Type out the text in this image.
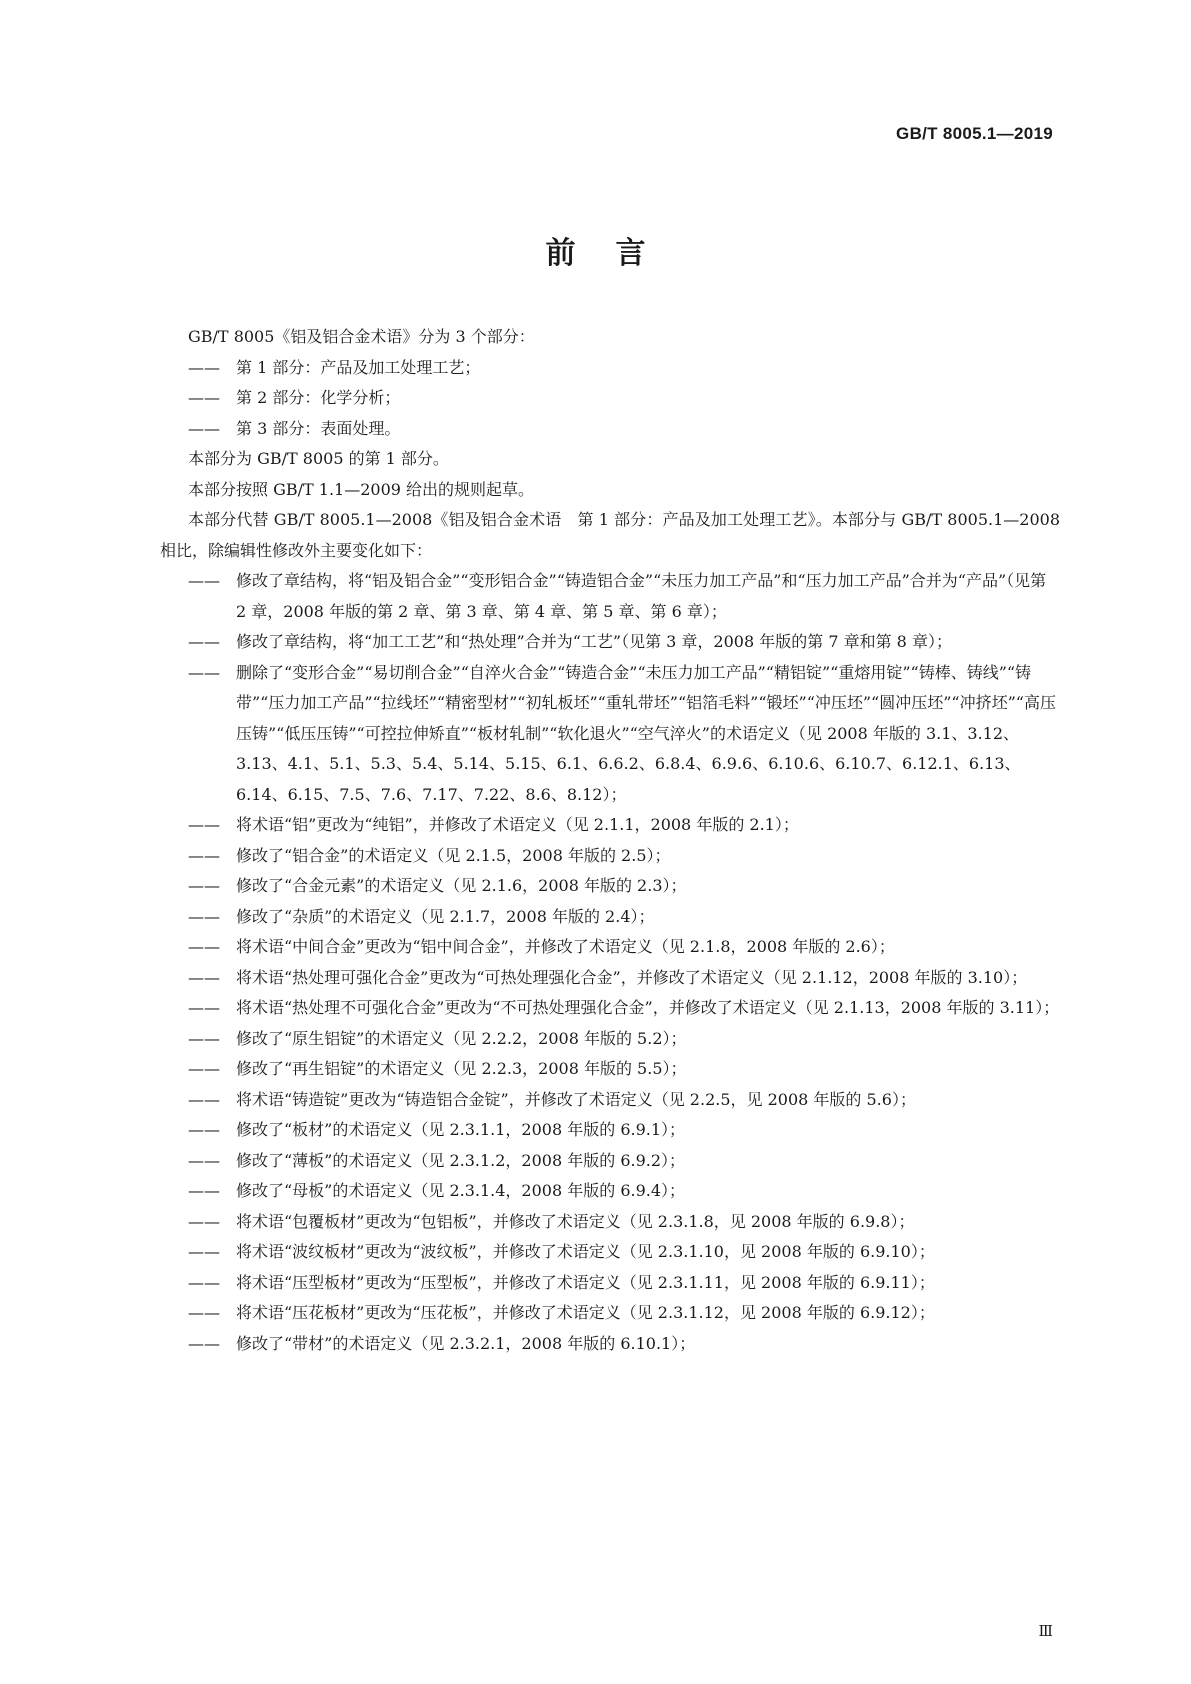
GB/T 8005.1—2019
前言
GB/T 8005《铝及铝合金术语》分为 3 个部分：
—— 第 1 部分：产品及加工处理工艺；
—— 第 2 部分：化学分析；
—— 第 3 部分：表面处理。
本部分为 GB/T 8005 的第 1 部分。
本部分按照 GB/T 1.1—2009 给出的规则起草。
本部分代替 GB/T 8005.1—2008《铝及铝合金术语　第 1 部分：产品及加工处理工艺》。本部分与 GB/T 8005.1—2008 相比，除编辑性修改外主要变化如下：
—— 修改了章结构，将“铝及铝合金”“变形铝合金”“铸造铝合金”“未压力加工产品”和“压力加工产品”合并为“产品”（见第 2 章，2008 年版的第 2 章、第 3 章、第 4 章、第 5 章、第 6 章）；
—— 修改了章结构，将“加工工艺”和“热处理”合并为“工艺”（见第 3 章，2008 年版的第 7 章和第 8 章）；
—— 删除了“变形合金”“易切削合金”“自淬火合金”“铸造合金”“未压力加工产品”“精铝锭”“重熔用锭”“铸棒、铸线”“铸带”“压力加工产品”“拉线坯”“精密型材”“初轧板坯”“重轧带坯”“铝箔毛料”“锻坯”“冲压坯”“圆冲压坯”“冲挤坯”“高压压铸”“低压压铸”“可控拉伸矫直”“板材轧制”“软化退火”“空气淬火”的术语定义（见 2008 年版的 3.1、3.12、3.13、4.1、5.1、5.3、5.4、5.14、5.15、6.1、6.6.2、6.8.4、6.9.6、6.10.6、6.10.7、6.12.1、6.13、6.14、6.15、7.5、7.6、7.17、7.22、8.6、8.12）；
—— 将术语“铝”更改为“纯铝”，并修改了术语定义（见 2.1.1，2008 年版的 2.1）；
—— 修改了“铝合金”的术语定义（见 2.1.5，2008 年版的 2.5）；
—— 修改了“合金元素”的术语定义（见 2.1.6，2008 年版的 2.3）；
—— 修改了“杂质”的术语定义（见 2.1.7，2008 年版的 2.4）；
—— 将术语“中间合金”更改为“铝中间合金”，并修改了术语定义（见 2.1.8，2008 年版的 2.6）；
—— 将术语“热处理可强化合金”更改为“可热处理强化合金”，并修改了术语定义（见 2.1.12，2008 年版的 3.10）；
—— 将术语“热处理不可强化合金”更改为“不可热处理强化合金”，并修改了术语定义（见 2.1.13，2008 年版的 3.11）；
—— 修改了“原生铝锭”的术语定义（见 2.2.2，2008 年版的 5.2）；
—— 修改了“再生铝锭”的术语定义（见 2.2.3，2008 年版的 5.5）；
—— 将术语“铸造锭”更改为“铸造铝合金锭”，并修改了术语定义（见 2.2.5，见 2008 年版的 5.6）；
—— 修改了“板材”的术语定义（见 2.3.1.1，2008 年版的 6.9.1）；
—— 修改了“薄板”的术语定义（见 2.3.1.2，2008 年版的 6.9.2）；
—— 修改了“母板”的术语定义（见 2.3.1.4，2008 年版的 6.9.4）；
—— 将术语“包覆板材”更改为“包铝板”，并修改了术语定义（见 2.3.1.8，见 2008 年版的 6.9.8）；
—— 将术语“波纹板材”更改为“波纹板”，并修改了术语定义（见 2.3.1.10，见 2008 年版的 6.9.10）；
—— 将术语“压型板材”更改为“压型板”，并修改了术语定义（见 2.3.1.11，见 2008 年版的 6.9.11）；
—— 将术语“压花板材”更改为“压花板”，并修改了术语定义（见 2.3.1.12，见 2008 年版的 6.9.12）；
—— 修改了“带材”的术语定义（见 2.3.2.1，2008 年版的 6.10.1）；
Ⅲ
